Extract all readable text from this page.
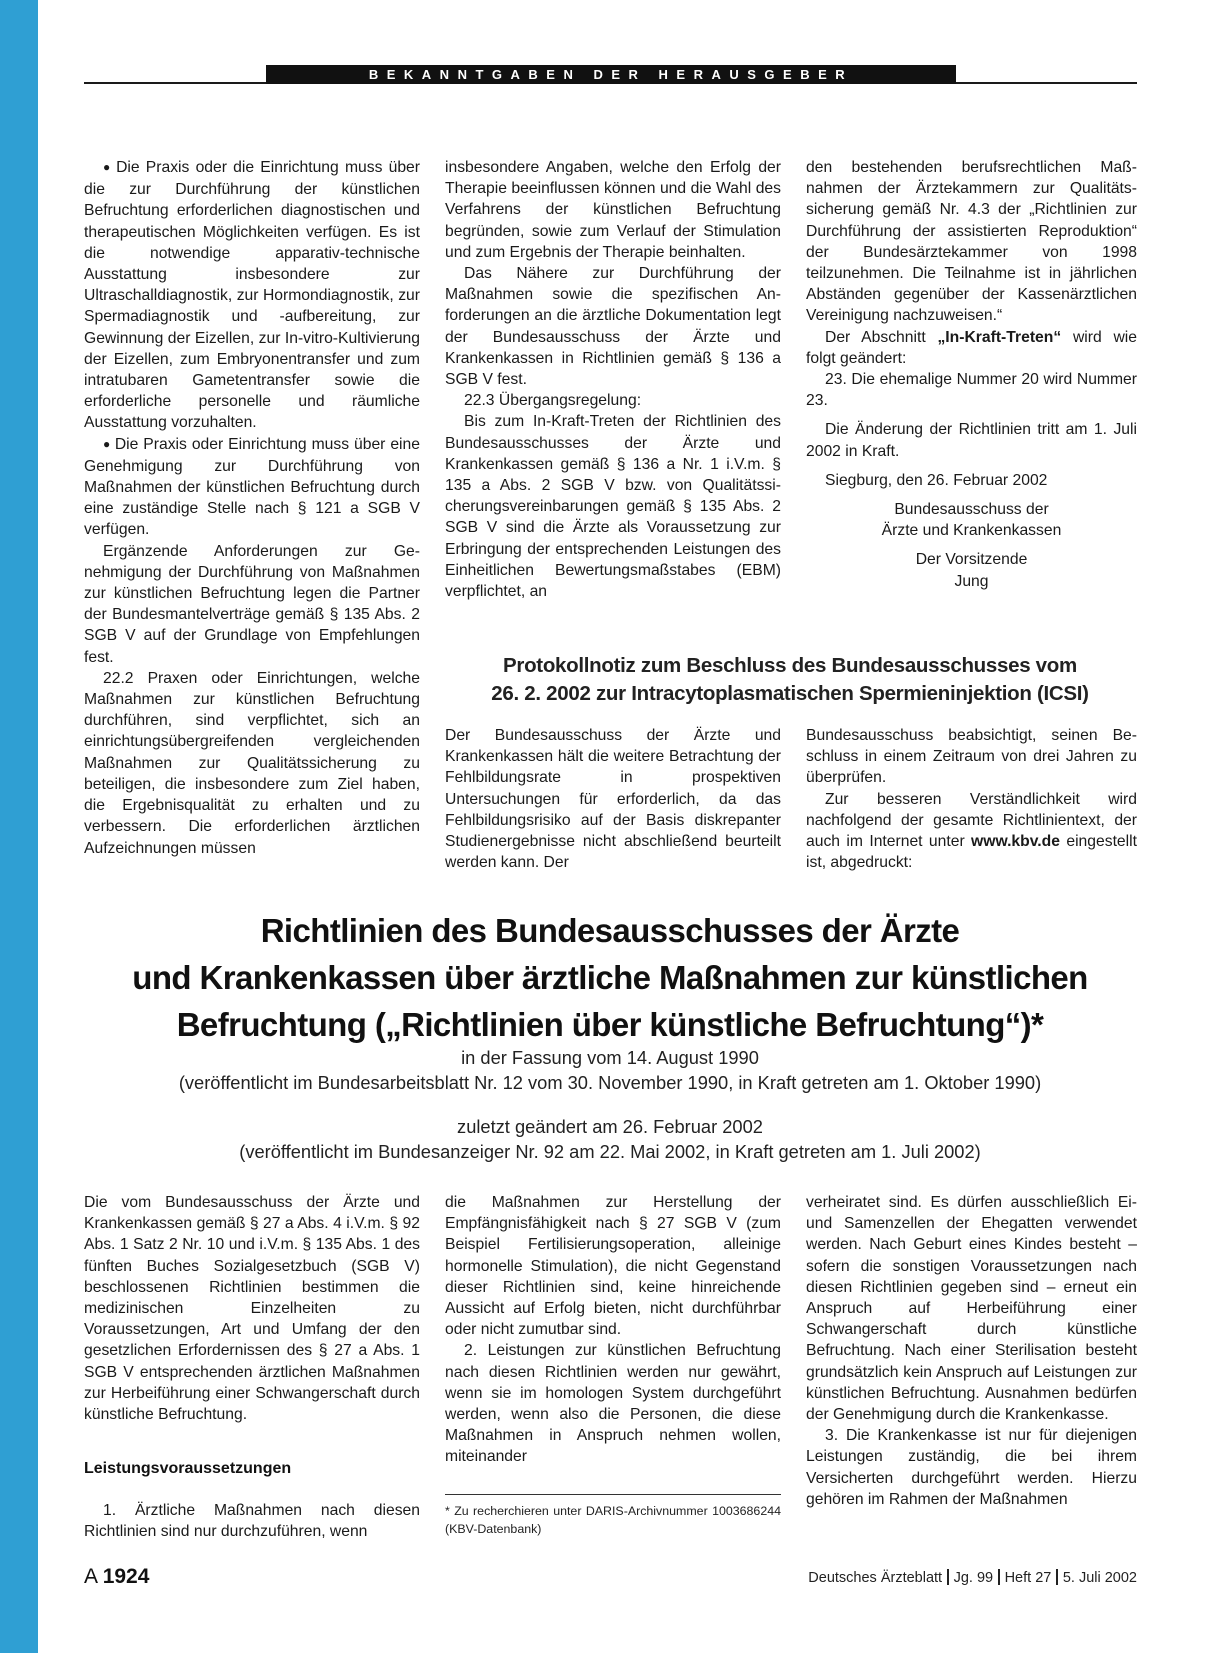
BEKANNTGABEN DER HERAUSGEBER

● Die Praxis oder die Einrichtung muss über die zur Durchführung der künstlichen Befruchtung erforderlichen diagnostischen und therapeutischen Möglichkeiten verfügen. Es ist die notwendige apparativ-technische Ausstattung insbesondere zur Ultraschalldiagnostik, zur Hormondiagnostik, zur Spermadiagnostik und -aufbereitung, zur Gewinnung der Eizellen, zur In-vitro-Kultivierung der Eizellen, zum Embryonentransfer und zum intratubaren Gametentransfer sowie die erforderliche personelle und räumliche Ausstattung vorzuhalten.

● Die Praxis oder Einrichtung muss über eine Genehmigung zur Durchführung von Maßnahmen der künstlichen Befruchtung durch eine zuständige Stelle nach § 121 a SGB V verfügen.

Ergänzende Anforderungen zur Genehmigung der Durchführung von Maßnahmen zur künstlichen Befruchtung legen die Partner der Bundesmantelverträge gemäß § 135 Abs. 2 SGB V auf der Grundlage von Empfehlungen fest.

22.2 Praxen oder Einrichtungen, welche Maßnahmen zur künstlichen Befruchtung durchführen, sind verpflichtet, sich an einrichtungsübergreifenden vergleichenden Maßnahmen zur Qualitätssicherung zu beteiligen, die insbesondere zum Ziel haben, die Ergebnisqualität zu erhalten und zu verbessern. Die erforderlichen ärztlichen Aufzeichnungen müssen

insbesondere Angaben, welche den Erfolg der Therapie beeinflussen können und die Wahl des Verfahrens der künstlichen Befruchtung begründen, sowie zum Verlauf der Stimulation und zum Ergebnis der Therapie beinhalten.

Das Nähere zur Durchführung der Maßnahmen sowie die spezifischen Anforderungen an die ärztliche Dokumentation legt der Bundesausschuss der Ärzte und Krankenkassen in Richtlinien gemäß § 136 a SGB V fest.

22.3 Übergangsregelung:

Bis zum In-Kraft-Treten der Richtlinien des Bundesausschusses der Ärzte und Krankenkassen gemäß § 136 a Nr. 1 i.V.m. § 135 a Abs. 2 SGB V bzw. von Qualitätssicherungsvereinbarungen gemäß § 135 Abs. 2 SGB V sind die Ärzte als Voraussetzung zur Erbringung der entsprechenden Leistungen des Einheitlichen Bewertungsmaßstabes (EBM) verpflichtet, an

den bestehenden berufsrechtlichen Maßnahmen der Ärztekammern zur Qualitätssicherung gemäß Nr. 4.3 der „Richtlinien zur Durchführung der assistierten Reproduktion“ der Bundesärztekammer von 1998 teilzunehmen. Die Teilnahme ist in jährlichen Abständen gegenüber der Kassenärztlichen Vereinigung nachzuweisen.“

Der Abschnitt „In-Kraft-Treten“ wird wie folgt geändert:

23. Die ehemalige Nummer 20 wird Nummer 23.

Die Änderung der Richtlinien tritt am 1. Juli 2002 in Kraft.

Siegburg, den 26. Februar 2002

Bundesausschuss der

Ärzte und Krankenkassen

Der Vorsitzende

Jung

Protokollnotiz zum Beschluss des Bundesausschusses vom
26. 2. 2002 zur Intracytoplasmatischen Spermieninjektion (ICSI)

Der Bundesausschuss der Ärzte und Krankenkassen hält die weitere Betrachtung der Fehlbildungsrate in prospektiven Untersuchungen für erforderlich, da das Fehlbildungsrisiko auf der Basis diskrepanter Studienergebnisse nicht abschließend beurteilt werden kann. Der

Bundesausschuss beabsichtigt, seinen Beschluss in einem Zeitraum von drei Jahren zu überprüfen.

Zur besseren Verständlichkeit wird nachfolgend der gesamte Richtlinientext, der auch im Internet unter www.kbv.de eingestellt ist, abgedruckt:

Richtlinien des Bundesausschusses der Ärzte
und Krankenkassen über ärztliche Maßnahmen zur künstlichen
Befruchtung („Richtlinien über künstliche Befruchtung“)*
in der Fassung vom 14. August 1990
(veröffentlicht im Bundesarbeitsblatt Nr. 12 vom 30. November 1990, in Kraft getreten am 1. Oktober 1990)
zuletzt geändert am 26. Februar 2002
(veröffentlicht im Bundesanzeiger Nr. 92 am 22. Mai 2002, in Kraft getreten am 1. Juli 2002)

Die vom Bundesausschuss der Ärzte und Krankenkassen gemäß § 27 a Abs. 4 i.V.m. § 92 Abs. 1 Satz 2 Nr. 10 und i.V.m. § 135 Abs. 1 des fünften Buches Sozialgesetzbuch (SGB V) beschlossenen Richtlinien bestimmen die medizinischen Einzelheiten zu Voraussetzungen, Art und Umfang der den gesetzlichen Erfordernissen des § 27 a Abs. 1 SGB V entsprechenden ärztlichen Maßnahmen zur Herbeiführung einer Schwangerschaft durch künstliche Befruchtung.

Leistungsvoraussetzungen

1. Ärztliche Maßnahmen nach diesen Richtlinien sind nur durchzuführen, wenn

die Maßnahmen zur Herstellung der Empfängnisfähigkeit nach § 27 SGB V (zum Beispiel Fertilisierungsoperation, alleinige hormonelle Stimulation), die nicht Gegenstand dieser Richtlinien sind, keine hinreichende Aussicht auf Erfolg bieten, nicht durchführbar oder nicht zumutbar sind.

2. Leistungen zur künstlichen Befruchtung nach diesen Richtlinien werden nur gewährt, wenn sie im homologen System durchgeführt werden, wenn also die Personen, die diese Maßnahmen in Anspruch nehmen wollen, miteinander

* Zu recherchieren unter DARIS-Archivnummer 1003686244 (KBV-Datenbank)

verheiratet sind. Es dürfen ausschließlich Ei- und Samenzellen der Ehegatten verwendet werden. Nach Geburt eines Kindes besteht – sofern die sonstigen Voraussetzungen nach diesen Richtlinien gegeben sind – erneut ein Anspruch auf Herbeiführung einer Schwangerschaft durch künstliche Befruchtung. Nach einer Sterilisation besteht grundsätzlich kein Anspruch auf Leistungen zur künstlichen Befruchtung. Ausnahmen bedürfen der Genehmigung durch die Krankenkasse.

3. Die Krankenkasse ist nur für diejenigen Leistungen zuständig, die bei ihrem Versicherten durchgeführt werden. Hierzu gehören im Rahmen der Maßnahmen

A 1924	Deutsches Ärzteblatt Jg. 99 Heft 27 5. Juli 2002
